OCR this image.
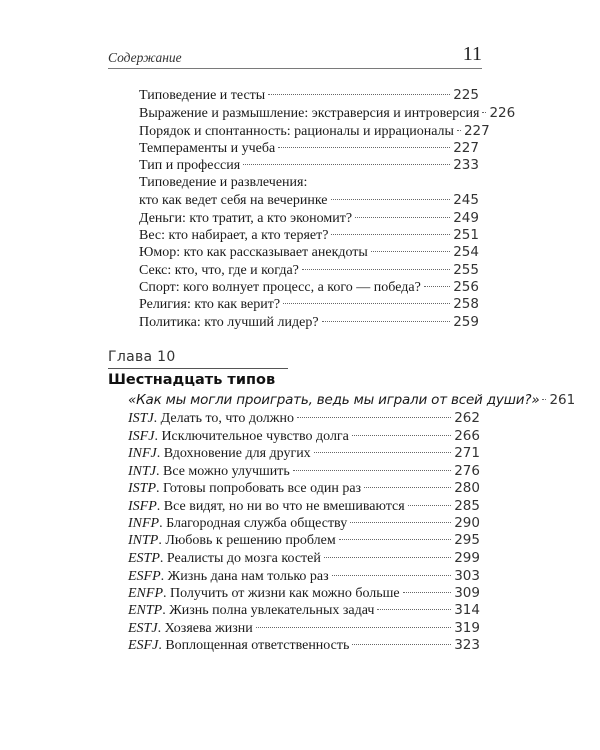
Содержание	11
Типоведение и тесты	225
Выражение и размышление: экстраверсия и интроверсия 226
Порядок и спонтанность: рационалы и иррационалы 227
Темпераменты и учеба	227
Тип и профессия	233
Типоведение и развлечения:
кто как ведет себя на вечеринке	245
Деньги: кто тратит, а кто экономит?	249
Вес: кто набирает, а кто теряет?	251
Юмор: кто как рассказывает анекдоты	254
Секс: кто, что, где и когда?	255
Спорт: кого волнует процесс, а кого — победа? 256
Религия: кто как верит?	258
Политика: кто лучший лидер?	259
Глава 10
Шестнадцать типов
«Как мы могли проиграть, ведь мы играли от всей души?» 261
ISTJ. Делать то, что должно	262
ISFJ. Исключительное чувство долга	266
INFJ. Вдохновение для других	271
INTJ. Все можно улучшить	276
ISTP. Готовы попробовать все один раз	280
ISFP. Все видят, но ни во что не вмешиваются	285
INFP. Благородная служба обществу	290
INTP. Любовь к решению проблем	295
ESTP. Реалисты до мозга костей	299
ESFP. Жизнь дана нам только раз	303
ENFP. Получить от жизни как можно больше	309
ENTP. Жизнь полна увлекательных задач	314
ESTJ. Хозяева жизни	319
ESFJ. Воплощенная ответственность	323
